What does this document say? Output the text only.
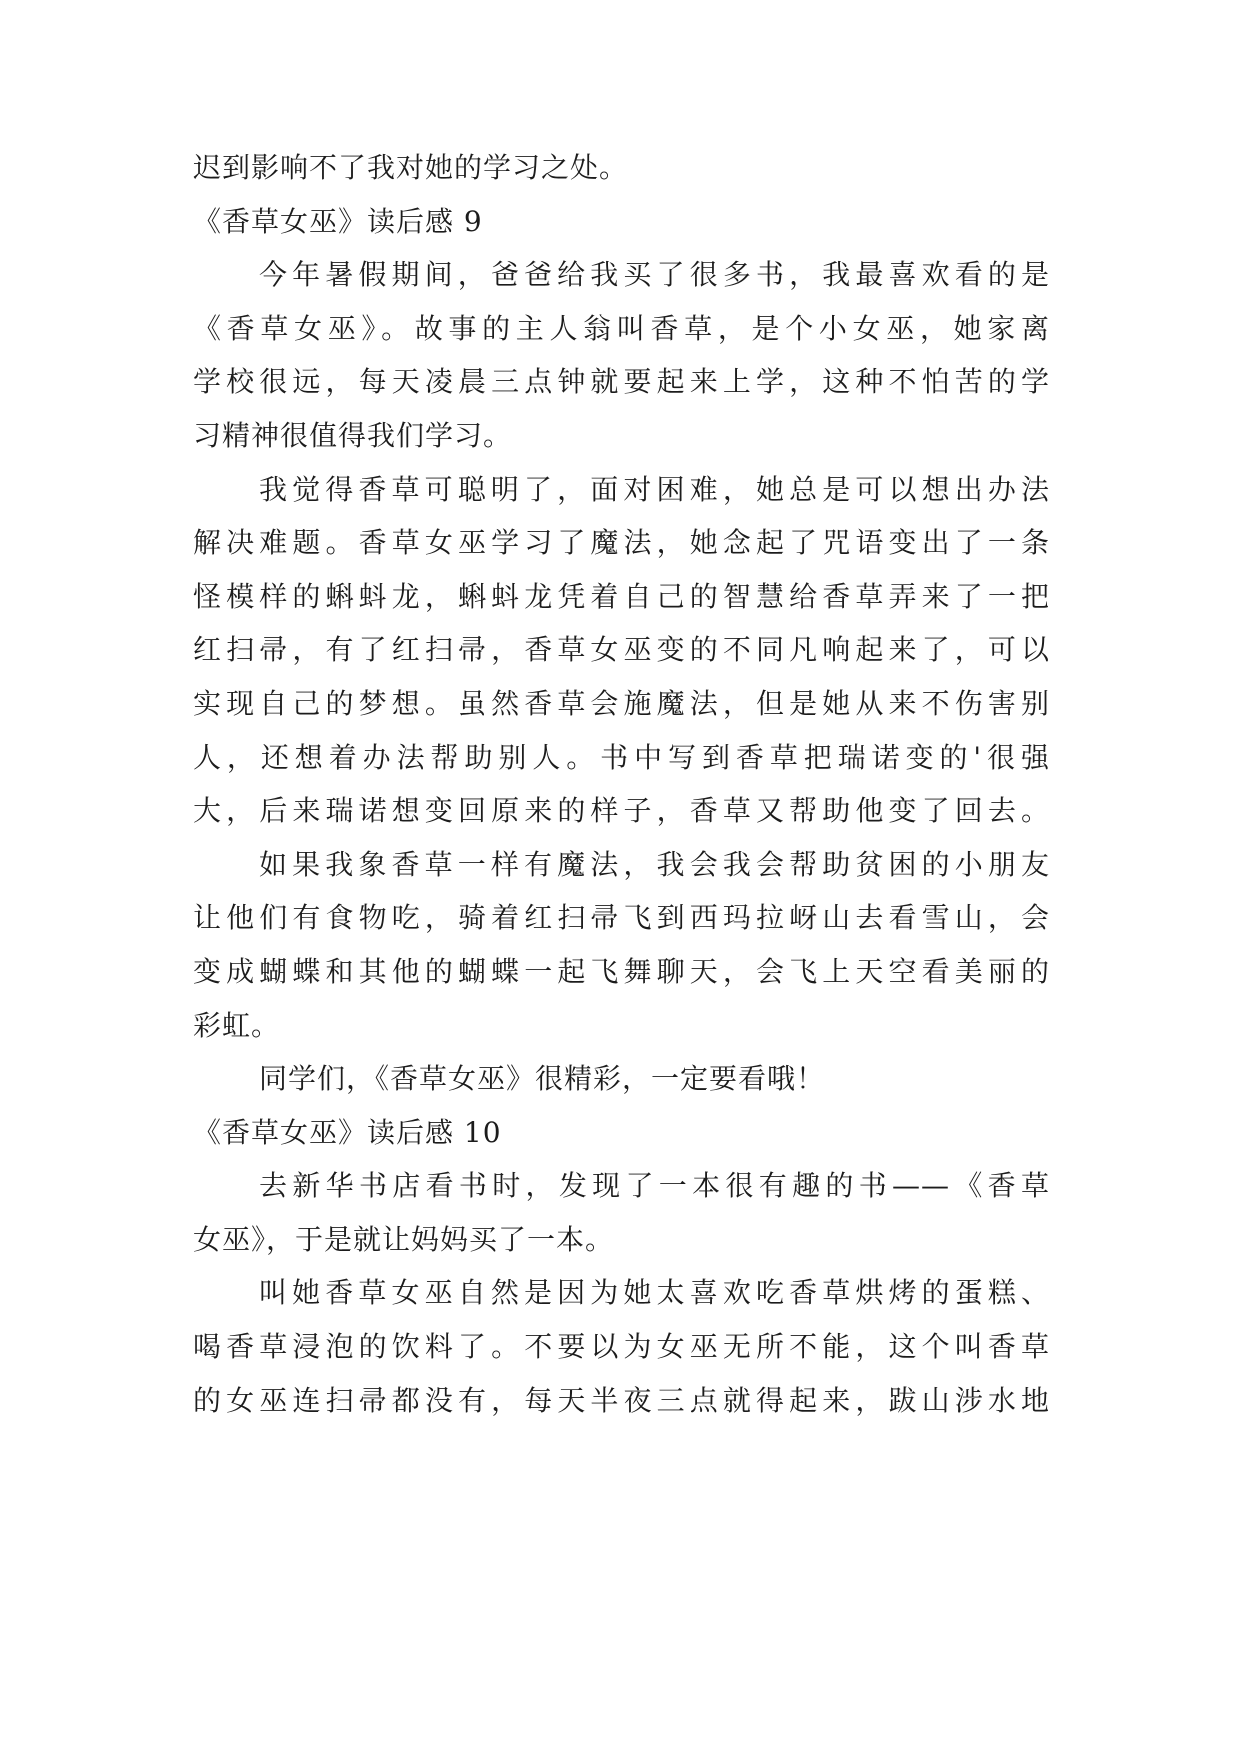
迟到影响不了我对她的学习之处。
《香草女巫》读后感 9
今年暑假期间，爸爸给我买了很多书，我最喜欢看的是
《香草女巫》。故事的主人翁叫香草，是个小女巫，她家离
学校很远，每天凌晨三点钟就要起来上学，这种不怕苦的学
习精神很值得我们学习。
我觉得香草可聪明了，面对困难，她总是可以想出办法
解决难题。香草女巫学习了魔法，她念起了咒语变出了一条
怪模样的蝌蚪龙，蝌蚪龙凭着自己的智慧给香草弄来了一把
红扫帚，有了红扫帚，香草女巫变的不同凡响起来了，可以
实现自己的梦想。虽然香草会施魔法，但是她从来不伤害别
人，还想着办法帮助别人。书中写到香草把瑞诺变的'很强
大，后来瑞诺想变回原来的样子，香草又帮助他变了回去。
如果我象香草一样有魔法，我会我会帮助贫困的小朋友
让他们有食物吃，骑着红扫帚飞到西玛拉岈山去看雪山，会
变成蝴蝶和其他的蝴蝶一起飞舞聊天，会飞上天空看美丽的
彩虹。
同学们，《香草女巫》很精彩，一定要看哦！
《香草女巫》读后感 10
去新华书店看书时，发现了一本很有趣的书——《香草
女巫》，于是就让妈妈买了一本。
叫她香草女巫自然是因为她太喜欢吃香草烘烤的蛋糕、
喝香草浸泡的饮料了。不要以为女巫无所不能，这个叫香草
的女巫连扫帚都没有，每天半夜三点就得起来，跋山涉水地
